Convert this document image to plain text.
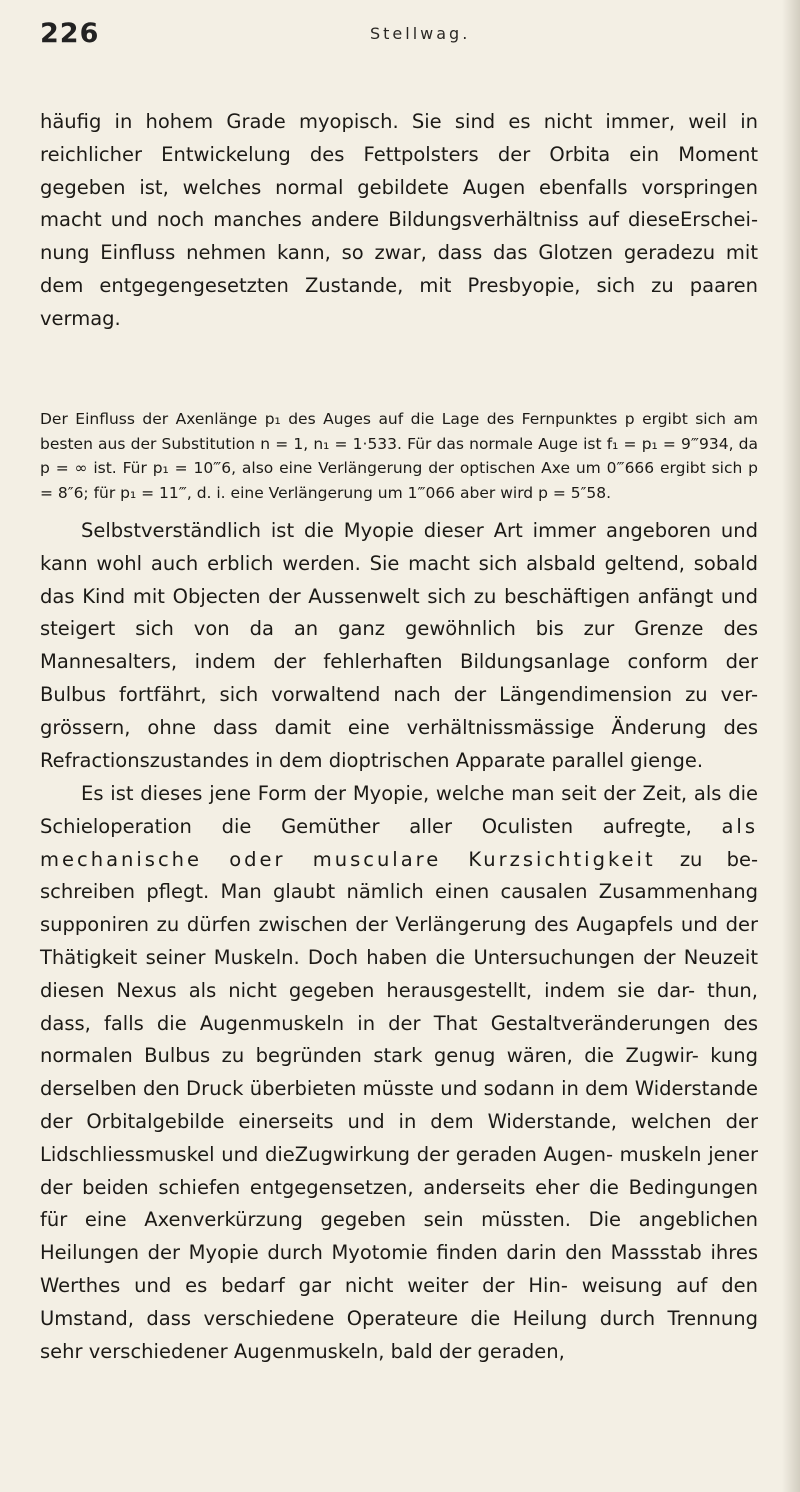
226	Stellwag.
häufig in hohem Grade myopisch. Sie sind es nicht immer, weil in reichlicher Entwickelung des Fettpolsters der Orbita ein Moment gegeben ist, welches normal gebildete Augen ebenfalls vorspringen macht und noch manches andere Bildungsverhältniss auf dieseErschei- nung Einfluss nehmen kann, so zwar, dass das Glotzen geradezu mit dem entgegengesetzten Zustande, mit Presbyopie, sich zu paaren vermag.
Der Einfluss der Axenlänge p₁ des Auges auf die Lage des Fernpunktes p ergibt sich am besten aus der Substitution n = 1, n₁ = 1·533. Für das normale Auge ist f₁ = p₁ = 9‴934, da p = ∞ ist. Für p₁ = 10‴6, also eine Verlängerung der optischen Axe um 0‴666 ergibt sich p = 8″6; für p₁ = 11‴, d. i. eine Verlängerung um 1‴066 aber wird p = 5″58.
Selbstverständlich ist die Myopie dieser Art immer angeboren und kann wohl auch erblich werden. Sie macht sich alsbald geltend, sobald das Kind mit Objecten der Aussenwelt sich zu beschäftigen anfängt und steigert sich von da an ganz gewöhnlich bis zur Grenze des Mannesalters, indem der fehlerhaften Bildungsanlage conform der Bulbus fortfährt, sich vorwaltend nach der Längendimension zu ver- grössern, ohne dass damit eine verhältnissmässige Änderung des Refractionszustandes in dem dioptrischen Apparate parallel gienge.
Es ist dieses jene Form der Myopie, welche man seit der Zeit, als die Schieloperation die Gemüther aller Oculisten aufregte, als mechanische oder musculare Kurzsichtigkeit zu be- schreiben pflegt. Man glaubt nämlich einen causalen Zusammenhang supponiren zu dürfen zwischen der Verlängerung des Augapfels und der Thätigkeit seiner Muskeln. Doch haben die Untersuchungen der Neuzeit diesen Nexus als nicht gegeben herausgestellt, indem sie dar- thun, dass, falls die Augenmuskeln in der That Gestaltveränderungen des normalen Bulbus zu begründen stark genug wären, die Zugwir- kung derselben den Druck überbieten müsste und sodann in dem Widerstande der Orbitalgebilde einerseits und in dem Widerstande, welchen der Lidschliessmuskel und dieZugwirkung der geraden Augen- muskeln jener der beiden schiefen entgegensetzen, anderseits eher die Bedingungen für eine Axenverkürzung gegeben sein müssten. Die angeblichen Heilungen der Myopie durch Myotomie finden darin den Massstab ihres Werthes und es bedarf gar nicht weiter der Hin- weisung auf den Umstand, dass verschiedene Operateure die Heilung durch Trennung sehr verschiedener Augenmuskeln, bald der geraden,
